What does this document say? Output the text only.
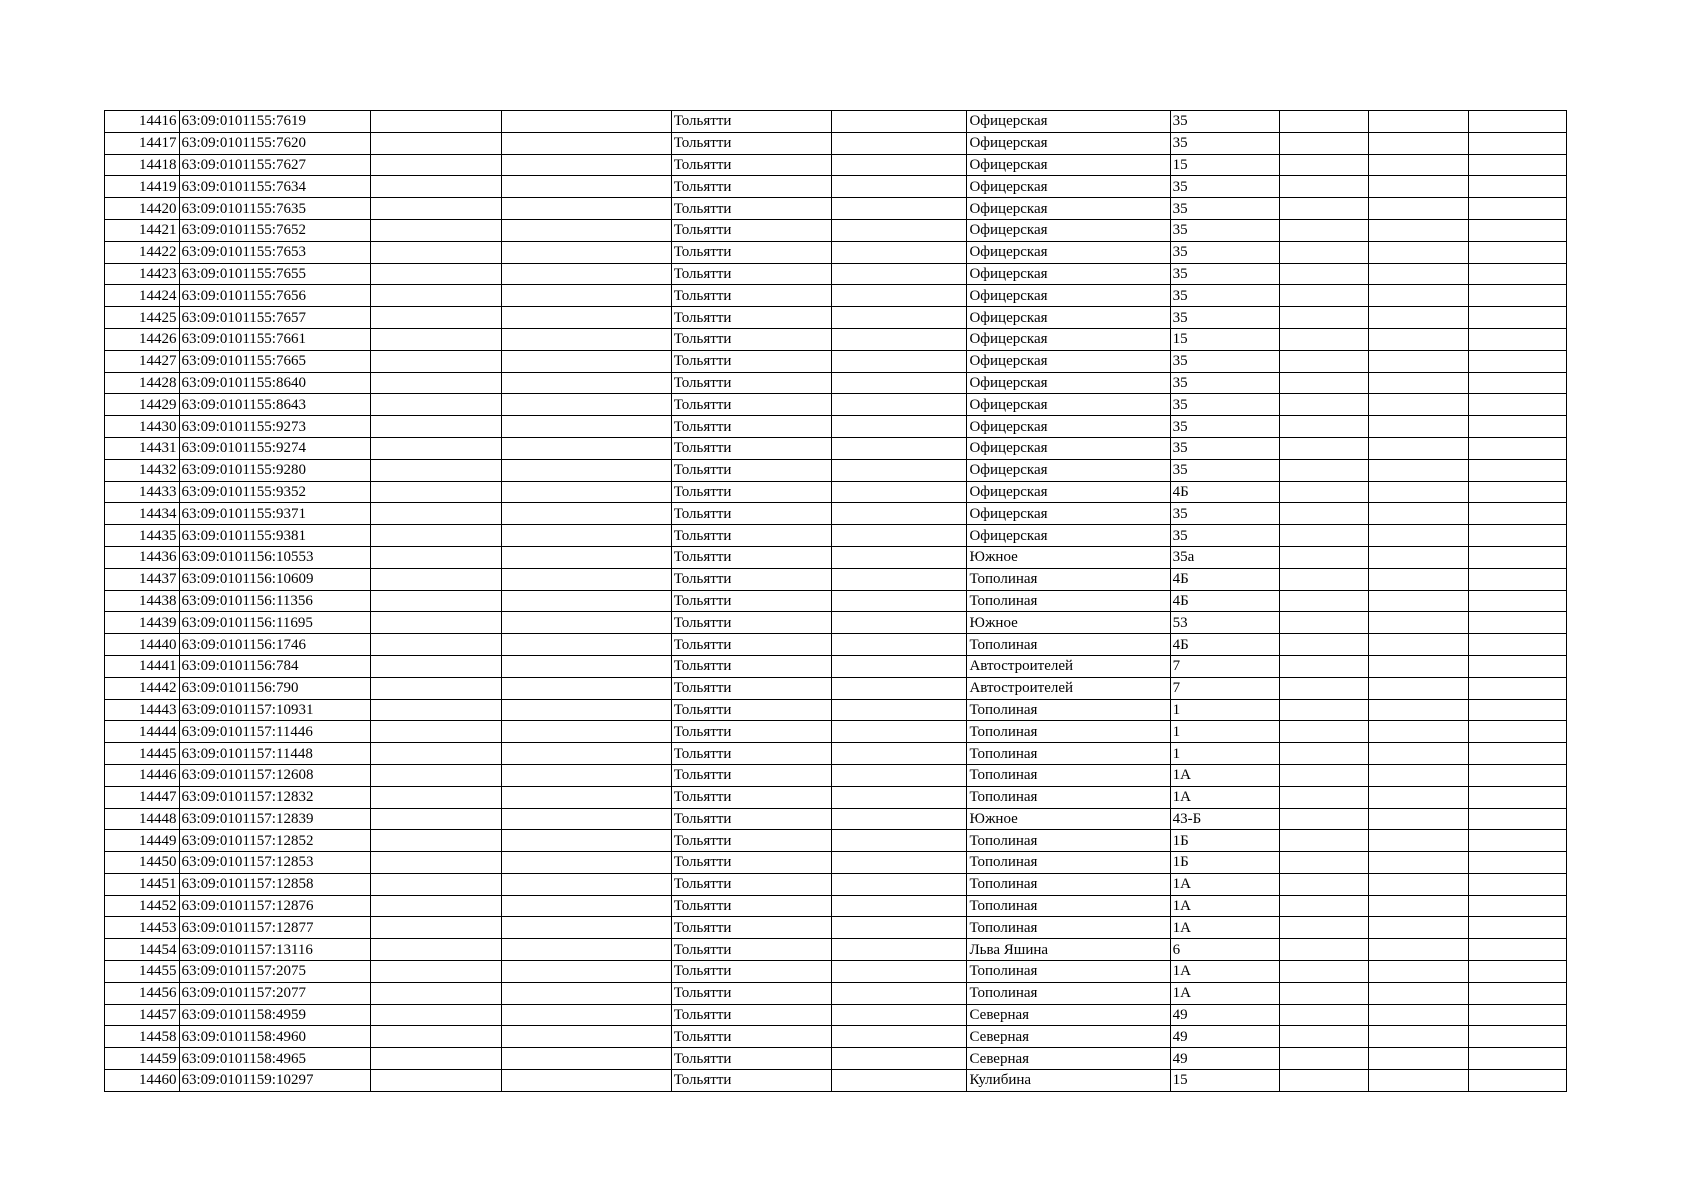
14416	63:09:0101155:7619			Тольятти		Офицерская	35			
14417	63:09:0101155:7620			Тольятти		Офицерская	35			
14418	63:09:0101155:7627			Тольятти		Офицерская	15			
14419	63:09:0101155:7634			Тольятти		Офицерская	35			
14420	63:09:0101155:7635			Тольятти		Офицерская	35			
14421	63:09:0101155:7652			Тольятти		Офицерская	35			
14422	63:09:0101155:7653			Тольятти		Офицерская	35			
14423	63:09:0101155:7655			Тольятти		Офицерская	35			
14424	63:09:0101155:7656			Тольятти		Офицерская	35			
14425	63:09:0101155:7657			Тольятти		Офицерская	35			
14426	63:09:0101155:7661			Тольятти		Офицерская	15			
14427	63:09:0101155:7665			Тольятти		Офицерская	35			
14428	63:09:0101155:8640			Тольятти		Офицерская	35			
14429	63:09:0101155:8643			Тольятти		Офицерская	35			
14430	63:09:0101155:9273			Тольятти		Офицерская	35			
14431	63:09:0101155:9274			Тольятти		Офицерская	35			
14432	63:09:0101155:9280			Тольятти		Офицерская	35			
14433	63:09:0101155:9352			Тольятти		Офицерская	4Б			
14434	63:09:0101155:9371			Тольятти		Офицерская	35			
14435	63:09:0101155:9381			Тольятти		Офицерская	35			
14436	63:09:0101156:10553			Тольятти		Южное	35а			
14437	63:09:0101156:10609			Тольятти		Тополиная	4Б			
14438	63:09:0101156:11356			Тольятти		Тополиная	4Б			
14439	63:09:0101156:11695			Тольятти		Южное	53			
14440	63:09:0101156:1746			Тольятти		Тополиная	4Б			
14441	63:09:0101156:784			Тольятти		Автостроителей	7			
14442	63:09:0101156:790			Тольятти		Автостроителей	7			
14443	63:09:0101157:10931			Тольятти		Тополиная	1			
14444	63:09:0101157:11446			Тольятти		Тополиная	1			
14445	63:09:0101157:11448			Тольятти		Тополиная	1			
14446	63:09:0101157:12608			Тольятти		Тополиная	1А			
14447	63:09:0101157:12832			Тольятти		Тополиная	1А			
14448	63:09:0101157:12839			Тольятти		Южное	43-Б			
14449	63:09:0101157:12852			Тольятти		Тополиная	1Б			
14450	63:09:0101157:12853			Тольятти		Тополиная	1Б			
14451	63:09:0101157:12858			Тольятти		Тополиная	1А			
14452	63:09:0101157:12876			Тольятти		Тополиная	1А			
14453	63:09:0101157:12877			Тольятти		Тополиная	1А			
14454	63:09:0101157:13116			Тольятти		Льва Яшина	6			
14455	63:09:0101157:2075			Тольятти		Тополиная	1А			
14456	63:09:0101157:2077			Тольятти		Тополиная	1А			
14457	63:09:0101158:4959			Тольятти		Северная	49			
14458	63:09:0101158:4960			Тольятти		Северная	49			
14459	63:09:0101158:4965			Тольятти		Северная	49			
14460	63:09:0101159:10297			Тольятти		Кулибина	15			
